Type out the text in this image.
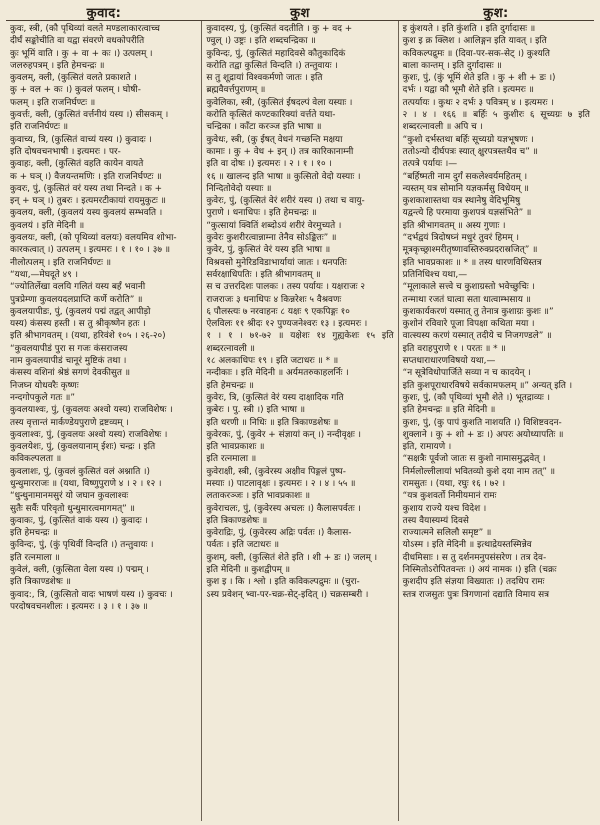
कुवाद:	कुश	कुश:

कुवः, स्त्री, (कौ पृथिव्यां वलते मण्डलाकारत्वाच्च

दीर्घं सङ्कोचीति वा यद्वा संवरणे वधकोपरीति

कुः भूमिं वाति । कु + वा + कः ।) उत्पलम् ।

जलरुहपत्रम् । इति हेमचन्द्रः ॥

कुवलम्, क्ली, (कुत्सितं वलते प्रकाशते ।

कु + वल + कः ।) कुवलं फलम् । घोषी-

फलम् । इति राजनिर्घण्टः ॥

कुवर्त्तः, क्ली, (कुत्सितं वर्त्तनीयं यस्य ।) सीसकम् ।

इति राजनिर्घण्टः ॥

कुवाच्य, त्रि, (कुत्सितं वाच्यं यस्य ।) कुवादः ।

इति दोषवचनभाषी । इत्यमरः । पर-

कुवाहः, क्ली, (कुत्सितं वहति कायेन वायते

क + घञ् ।) वैजयन्तमणिः । इति राजनिर्घण्टः ॥

कुवरः, पुं, (कुत्सितं वरं यस्य तथा निन्दते । क +

इन् + घञ् ।) तुबरः । इत्यमरटीकायां रायमुकुटः ॥

कुवलय, क्ली, (कुवलयं यस्य कुवलयं सम्भवति ।

कुवलयं । इति मेदिनी ॥

कुवलयः, क्ली, (को पृथिव्यां वलयः) वलयमिव शोभा-

कारकत्वात् ।) उत्पलम् । इत्यमरः । १ । १० । ३७ ॥

नीलोत्पलम् । इति राजनिर्घण्टः ॥

“यथा,—मेघदूते ४९ ।

“ज्योतिर्लेखा वलयि गलितं यस्य बर्हं भवानी

पुत्रप्रेम्णा कुवलयदलप्राप्ति कर्णे करोति” ॥

कुवलयापीडः, पुं, (कुवलयं पद्मं तद्वत् आपीड़ो

यस्य) कंसस्य हस्ती । स तु श्रीकृष्णेन हतः ।

इति श्रीभागवतम् । (यथा, हरिवंशे १०५ । २६-२०)

“कुवलयापीडं पुरा स गजः कंसराजस्य

नाम कुवलयापीडं चानूरं मुष्टिकं तथा ।

कंसस्य वशिनां श्रेष्ठं सगणं देवकीसुत ॥

निजघ्न योधवरैः कृष्णः

नन्दगोपकुले गतः ॥”

कुवलयाश्वः, पुं, (कुवलयः अश्वो यस्य) राजविशेषः ।

तस्य वृत्तान्तं मार्कण्डेयपुराणे द्रष्टव्यम् ।

कुवलाश्वः, पुं, (कुवलयः अश्वो यस्य) राजविशेषः ।

कुवलयेशः, पुं, (कुवलयानाम् ईशः) चन्द्रः । इति

कविकल्पलता ॥

कुवलाशः, पुं, (कुवलं कुत्सितं वलं अश्नाति ।)

धुन्धुमारराजः ॥ (यथा, विष्णुपुराणे ४ । २ । १२ ।

“धुन्धुनामानमसुरं यो जघान कुवलाश्वः

सुतैः सर्वैः परिवृतो धुन्धुमारत्वमागमत्” ॥

कुवाकः, पुं, (कुत्सितं वाकं यस्य ।) कुवादः ।

इति हेमचन्द्रः ॥

कुविन्दः, पुं, (कुं पृथिवीं विन्दति ।) तन्तुवायः ।

इति रत्नमाला ॥

कुवेलं, क्ली, (कुत्सिता वेला यस्य ।) पद्मम् ।

इति त्रिकाण्डशेषः ॥

कुवाद:, त्रि, (कुत्सितो वादः भाषणं यस्य ।) कुवचः ।

परदोषवचनशीलः । इत्यमरः । ३ । १ । ३७ ॥

कुवादस्य, पुं, (कुत्सितं वदतीति । कु + वद +

ण्वुल् ।) उष्ट्रः । इति शब्दचन्द्रिका ॥

कुविन्दः, पुं, (कुत्सितं महादिवसे कौतुकादिकं

करोति तद्वा कुत्सितं विन्दति ।) तन्तुवायः ।

स तु शूद्रायां विश्वकर्मणो जातः । इति

ब्रह्मवैवर्त्तपुराणम् ॥

कुवेलिका, स्त्री, (कुत्सितं ईषदल्पं वेला यस्याः ।

करोति कृत्सितं कण्टकारिक्यां वर्त्तते यथा-

चन्द्रिका । काँटा करञ्ज इति भाषा ॥

कुवेधः, स्त्री, (कु ईषत् वेधनं गच्छन्ति मक्षया

कामाः । कु + वेध + इन् ।) तत्र कारिकानाम्नी

इति वा दोषः ।) इत्यमरः । २ । १ । १० ।

१६ ॥ खालन्द इति भाषा ॥ कुत्सितो वेदो यस्याः ।

निन्दितोवेदो यस्याः ॥

कुवेरः, पुं, (कुत्सितं वेरं शरीरं यस्य ।) तथा च वायु-

पुराणे । धनाधिपः । इति हेमचन्द्रः ॥

“कुत्सायां क्वितिं शब्दोऽयं शरीरं वेरमुच्यते ।

कुवेरः कुशरीरत्वान्नाम्ना तेनैव सोऽङ्कितः” ॥

कुवेर, पुं, कुत्सितं वेरं यस्य इति भाषा ॥

विश्रवसो मुनेरिडविडाभार्यायां जातः । धनपतिः

सर्वरक्षाधिपतिः । इति श्रीभागवतम् ॥

स च उत्तरदिशः पालकः । तस्य पर्यायः । यक्षराजः २

राजराजः ३ धनाधिपः ४ किन्नरेशः ५ वैश्रवणः

६ पौलस्त्यः ७ नरवाहनः ८ यक्षः ९ एकपिङ्गः १०

ऐलविलः ११ श्रीदः १२ पुण्यजनेश्वरः १३ । इत्यमरः ।

१ । १ । ७१-७२ ॥ यक्षेशः १४ गुह्यकेशः १५ इति शब्दरत्नावली ॥

१८ अलकाधिपः १९ । इति जटाधरः ॥ * ॥

नन्दीकाः । इति मेदिनी ॥ अर्यमतरुकाहलर्निः ।

इति हेमचन्द्रः ॥

कुवेरः, त्रि, (कुत्सितं वेरं यस्य दाक्षादिक गति

कुबेरः । पु. स्त्री ।) इति भाषा ॥

इति धरणी ॥ निधिः ॥ इति त्रिकाण्डशेषः ॥

कुवेरकः, पुं, (कुवेर + संज्ञायां कन् ।) नन्दीवृक्षः ।

इति भावप्रकाशः ॥

इति रत्नमाला ॥

कुवेराक्षी, स्त्री, (कुवेरस्य अक्षीव पिङ्गलं पुष्प-

मस्याः ।) पाटलावृक्षः । इत्यमरः । २ । ४ । ५५ ॥

लताकरञ्जः । इति भावप्रकाशः ॥

कुवेराचलः, पुं, (कुवेरस्य अचलः ।) कैलासपर्वतः ।

इति त्रिकाण्डशेषः ॥

कुवेराद्रिः, पुं, (कुवेरस्य अद्रिः पर्वतः ।) कैलास-

पर्वतः । इति जटाधरः ॥

कुशम्, क्ली, (कुत्सितं शेते इति । शी + डः ।) जलम् ।

इति मेदिनी ॥ कुशद्वीपम् ॥

कुश इ । कि । श्लो । इति कविकल्पद्रुमः ॥ (चुरा-

ऽस्य प्रवेशन् भ्वा-पर-चक्र-सेट्-इदित् ।) चक्रसम्बरी ।

इ कुंशयते । इति कुंशति । इति दुर्गादासः ॥

कुश इ क्र क्लिश । आलिङ्गन इति यावत् । इति

कविकल्पद्रुमः ॥ (दिवा-पर-सक-सेट् ।) कुश्यति

बाला कान्तम् । इति दुर्गादासः ॥

कुशः, पुं, (कुं भूमिं शेते इति । कु + शी + डः ।)

दर्भः । यद्वा कौ भूमौ शेते इति । इत्यमरः ॥

तत्पर्यायः । कुथः २ दर्भः ३ पवित्रम् ४ । इत्यमरः ।

२ । ४ । १६६ ॥ बर्हिः ५ कुशीरः ६ सूच्यग्रः ७ इति शब्दरत्नावली ॥ अपि च ।

“कुशो दर्भस्तथा बर्हिः सूच्यग्रो यज्ञभूषणः ।

ततोऽन्यो दीर्घपत्रः स्यात् क्षुरपत्रस्तथैव च” ॥

तत्पत्रे पर्यायः ।—

“बर्हिष्मती नाम दुर्गं सकलेश्वर्यमहितम् ।

न्यस्तम् यत्र सोमानि यज्ञकर्मसु विधेयम् ॥

कुशकाशास्तथा यत्र स्थानेषु वेदिभूमिषु

यद्वन्त्ये हि परमाया कुशपत्रं यज्ञसंभिते” ॥

इति श्रीभागवतम् ॥ अस्य गुणाः ।

“दर्भद्वयं त्रिदोषघ्नं मधुरं तुवरं हिमम् ।

मूत्रकृच्छ्राश्मरीतृष्णावस्तिरुक्प्रदरास्रजित्” ॥

इति भावप्रकाशः ॥ * ॥ तस्य धारणविधिस्तत्र

प्रतिनिधिश्च यथा,—

“मूलाकाले सत्त्वे च कुशाग्रस्तो भवेच्छुचिः ।

तन्माथा रजतं घात्वा सता धात्वाम्भसाय ॥

कुशकार्यकरणं यस्मात् तु तेनात्र कुशाग्रः कुशः ॥”

कुशोनं रविवारे पूजा विपक्षा कथिता मया ।

वात्स्यस्य करणं यस्मात् तदीये च निजगण्डले” ॥

इति वराहपुराणे १ । परतः ॥ * ॥

सप्तधाराधारणविषयो यथा,—

“न सूत्रेविधोपार्जिते सव्या न च कादयेन् ।

इति कुशपूराधारविषये सर्वकामफलम् ॥” अन्यत् इति ।

कुशः, पुं, (कौ पृथिव्यां भूमौ शेते ।) भूतद्राव्यः ।

इति हेमचन्द्रः ॥ इति मेदिनी ॥

कुशः, पुं, (कु पापं कुशति नाशयति ।) विशिष्टवदन-

शुक्लाने । कु + शो + डः ।) अपरः अयोध्यापतिः ॥

इति, रामायणे ।

“सक्षत्रैः पूर्वजो जातः स कुशो नामासमुद्भवेत् ।

निर्मलोल्लीलायां भवितव्यो कुशे दया नाम तत्” ॥

रामसुतः । (यथा, रघुः १६ । ७२ ।

“यत्र कुशवर्तो निमीयमानं रामः

कुशाय राज्ये यश्च विदेश ।

तस्य वैयास्यम्यं दिवसे

राज्यात्मने सलिलौ समृष्ट” ॥

योऽस्म । इति मेदिनी ॥ इत्थाद्रेयस्तस्मिन्नेव

दीधमिसाः । स तु दर्शनमनुपसंसरेण । तत्र देव-

निस्मितोऽरोपितवन्तः ।) अयं नामक ।) इति (चक्रः

कुशदीप इति संज्ञया विख्यातः ।) तदधिप रामः

स्तत्र राजसुतः पुत्रः त्रिगणानां दद्याति विमाय सत्र
